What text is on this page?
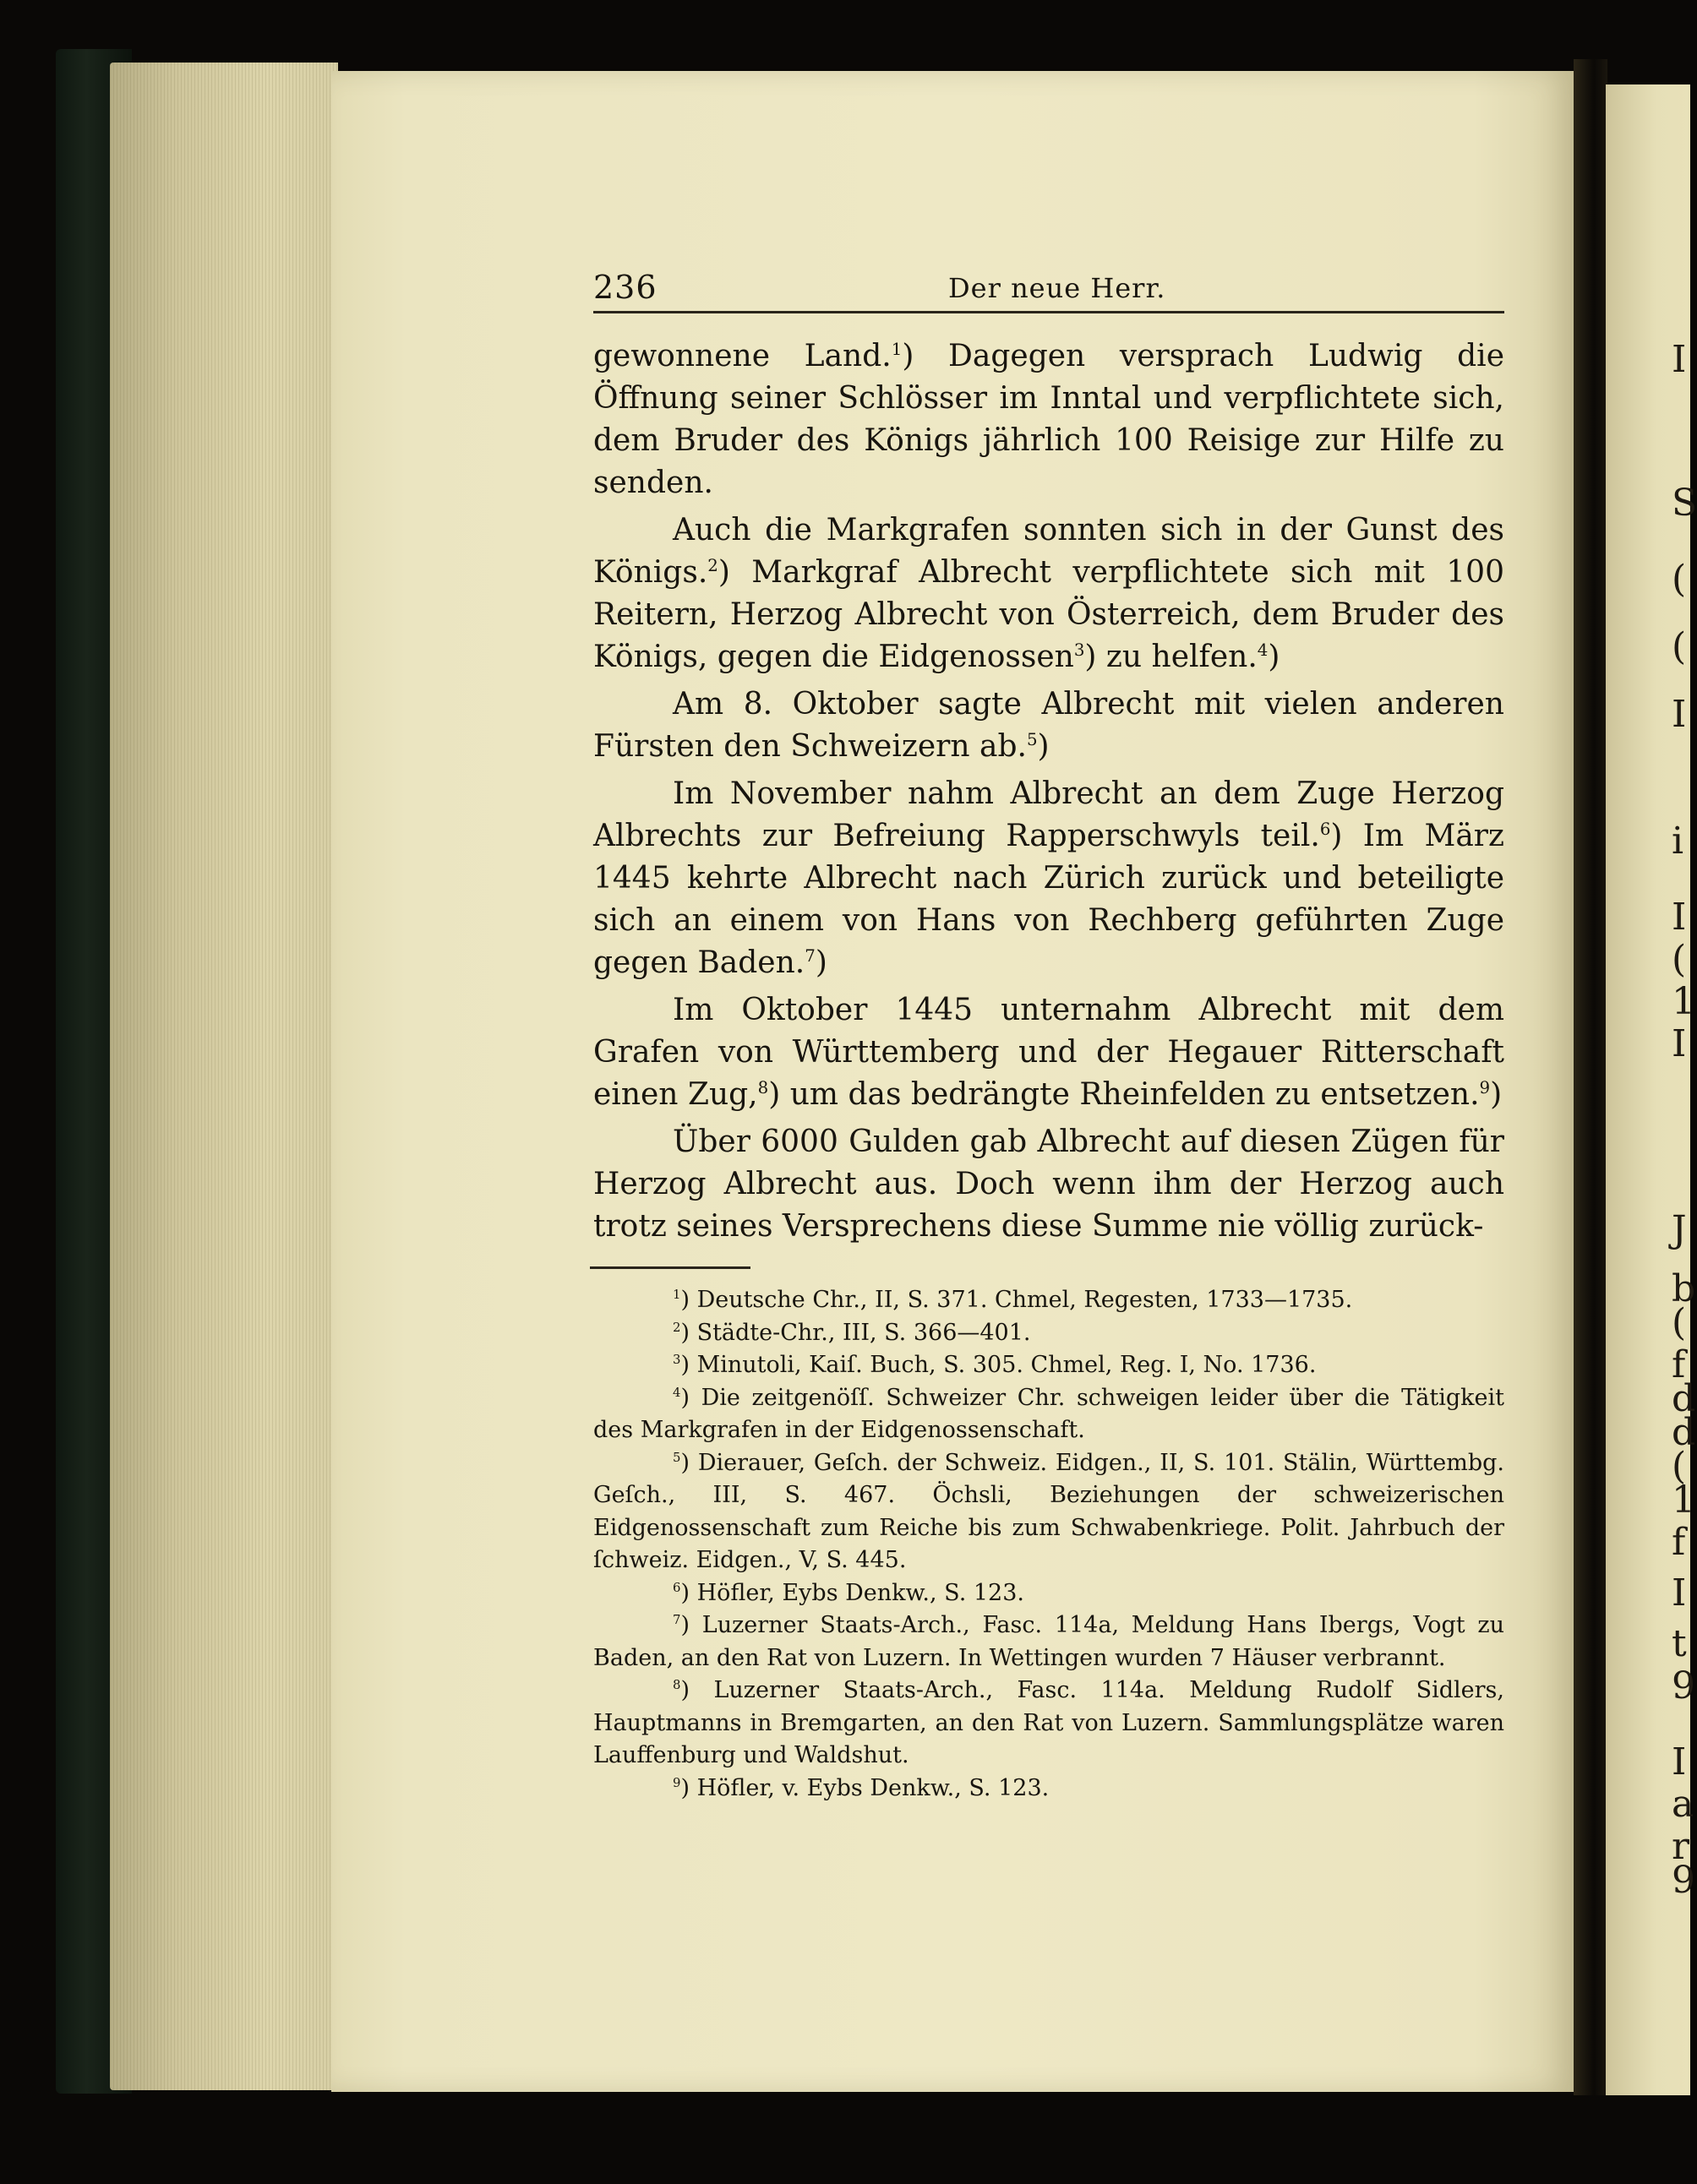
I
S
(
(
I
i
I
(
1
I
J
b
(
f
d
d
(
1
f
I
t
9
I
a
r
9
236	Der neue Herr.

gewonnene Land.$^1$) Dagegen versprach Ludwig die Öffnung seiner Schlösser im Inntal und verpflichtete sich, dem Bruder des Königs jährlich 100 Reisige zur Hilfe zu senden.

Auch die Markgrafen sonnten sich in der Gunst des Königs.$^2$) Markgraf Albrecht verpflichtete sich mit 100 Reitern, Herzog Albrecht von Österreich, dem Bruder des Königs, gegen die Eidgenossen$^3$) zu helfen.$^4$)

Am 8. Oktober sagte Albrecht mit vielen anderen Fürsten den Schweizern ab.$^5$)

Im November nahm Albrecht an dem Zuge Herzog Albrechts zur Befreiung Rapperschwyls teil.$^6$) Im März 1445 kehrte Albrecht nach Zürich zurück und beteiligte sich an einem von Hans von Rechberg geführten Zuge gegen Baden.$^7$)

Im Oktober 1445 unternahm Albrecht mit dem Grafen von Württemberg und der Hegauer Ritterschaft einen Zug,$^8$) um das bedrängte Rheinfelden zu entsetzen.$^9$)

Über 6000 Gulden gab Albrecht auf diesen Zügen für Herzog Albrecht aus. Doch wenn ihm der Herzog auch trotz seines Versprechens diese Summe nie völlig zurück-

$^1$) Deutsche Chr., II, S. 371. Chmel, Regesten, 1733—1735.

$^2$) Städte-Chr., III, S. 366—401.

$^3$) Minutoli, Kaiſ. Buch, S. 305. Chmel, Reg. I, No. 1736.

$^4$) Die zeitgenöſſ. Schweizer Chr. schweigen leider über die Tätigkeit des Markgrafen in der Eidgenossenschaft.

$^5$) Dierauer, Geſch. der Schweiz. Eidgen., II, S. 101. Stälin, Württembg. Geſch., III, S. 467. Öchsli, Beziehungen der schweizerischen Eidgenossenschaft zum Reiche bis zum Schwabenkriege. Polit. Jahrbuch der ſchweiz. Eidgen., V, S. 445.

$^6$) Höfler, Eybs Denkw., S. 123.

$^7$) Luzerner Staats-Arch., Fasc. 114a, Meldung Hans Ibergs, Vogt zu Baden, an den Rat von Luzern. In Wettingen wurden 7 Häuser verbrannt.

$^8$) Luzerner Staats-Arch., Fasc. 114a. Meldung Rudolf Sidlers, Hauptmanns in Bremgarten, an den Rat von Luzern. Sammlungsplätze waren Lauffenburg und Waldshut.

$^9$) Höfler, v. Eybs Denkw., S. 123.
